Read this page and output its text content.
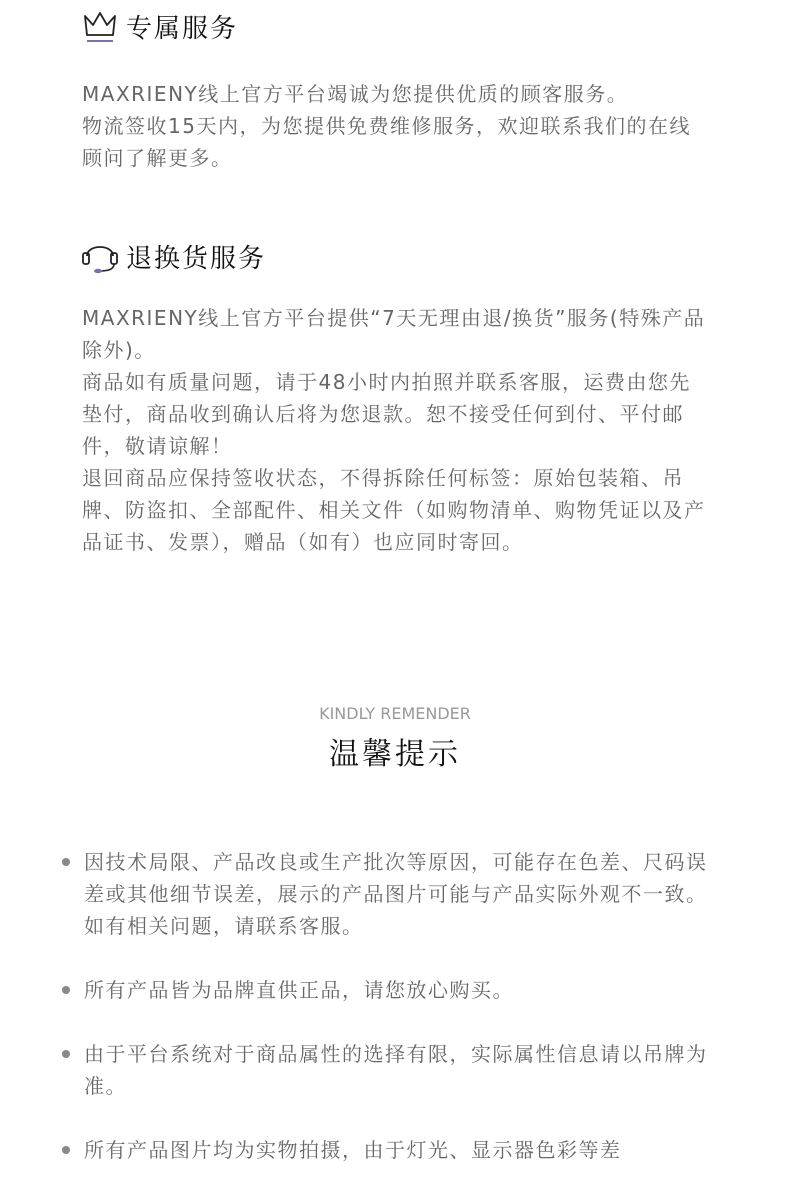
专属服务

MAXRIENY线上官方平台竭诚为您提供优质的顾客服务。

物流签收15天内，为您提供免费维修服务，欢迎联系我们的在线顾问了解更多。

退换货服务

MAXRIENY线上官方平台提供“7天无理由退/换货”服务(特殊产品除外)。

商品如有质量问题，请于48小时内拍照并联系客服，运费由您先垫付，商品收到确认后将为您退款。恕不接受任何到付、平付邮件，敬请谅解！

退回商品应保持签收状态，不得拆除任何标签：原始包装箱、吊牌、防盗扣、全部配件、相关文件（如购物清单、购物凭证以及产品证书、发票），赠品（如有）也应同时寄回。

KINDLY REMENDER
温馨提示
因技术局限、产品改良或生产批次等原因，可能存在色差、尺码误差或其他细节误差，展示的产品图片可能与产品实际外观不一致。如有相关问题，请联系客服。
所有产品皆为品牌直供正品，请您放心购买。
由于平台系统对于商品属性的选择有限，实际属性信息请以吊牌为准。
所有产品图片均为实物拍摄，由于灯光、显示器色彩等差
